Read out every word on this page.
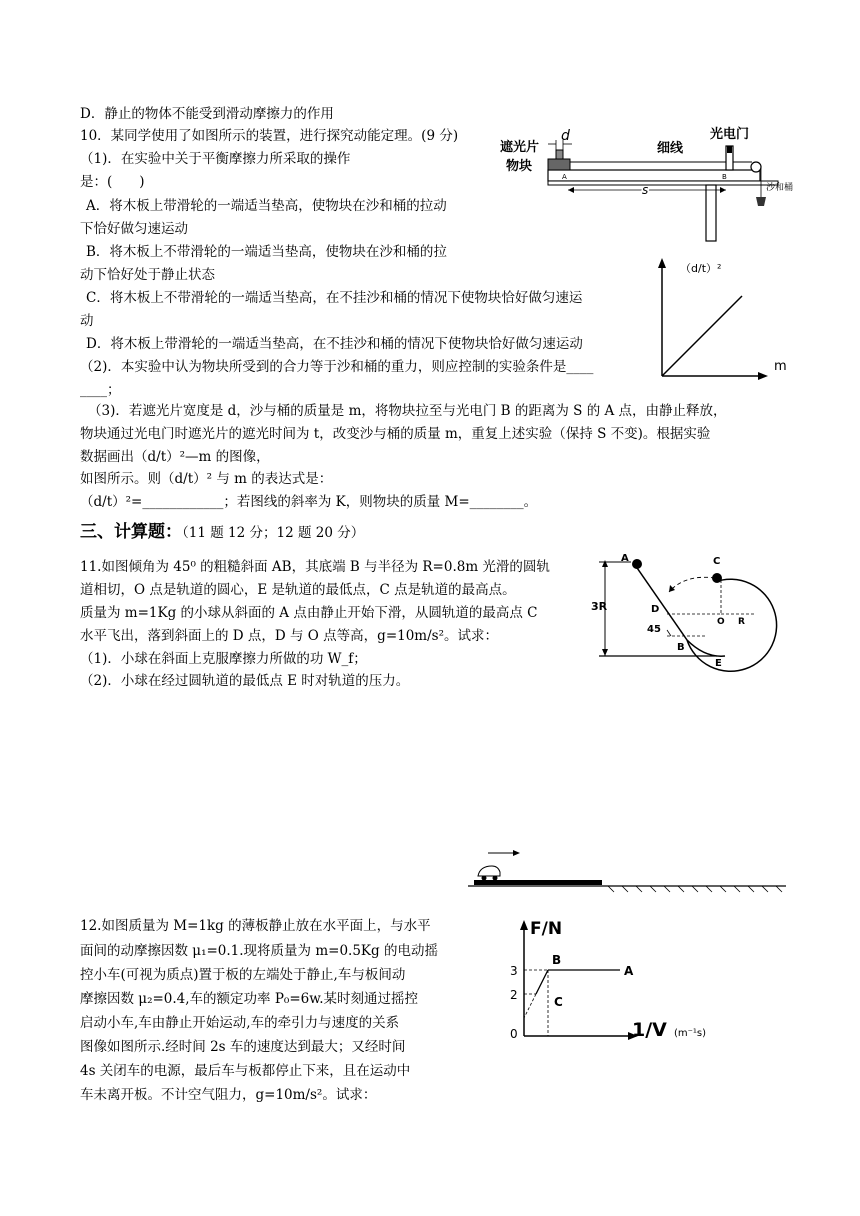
D．静止的物体不能受到滑动摩擦力的作用
10．某同学使用了如图所示的装置，进行探究动能定理。(9 分)
（1)．在实验中关于平衡摩擦力所采取的操作
是：(　　)
A．将木板上带滑轮的一端适当垫高，使物块在沙和桶的拉动
下恰好做匀速运动
B．将木板上不带滑轮的一端适当垫高，使物块在沙和桶的拉
动下恰好处于静止状态
C．将木板上不带滑轮的一端适当垫高，在不挂沙和桶的情况下使物块恰好做匀速运
动
D．将木板上带滑轮的一端适当垫高，在不挂沙和桶的情况下使物块恰好做匀速运动
（2)．本实验中认为物块所受到的合力等于沙和桶的重力，则应控制的实验条件是____
____；
（3)．若遮光片宽度是 d，沙与桶的质量是 m，将物块拉至与光电门 B 的距离为 S 的 A 点，由静止释放，
物块通过光电门时遮光片的遮光时间为 t，改变沙与桶的质量 m，重复上述实验（保持 S 不变)。根据实验
数据画出（d/t）²—m 的图像，
如图所示。则（d/t）² 与 m 的表达式是：
（d/t）²=____________；若图线的斜率为 K，则物块的质量 M=________。
三、计算题：（11 题 12 分；12 题 20 分）
11.如图倾角为 45⁰ 的粗糙斜面 AB，其底端 B 与半径为 R=0.8m 光滑的圆轨
道相切，O 点是轨道的圆心，E 是轨道的最低点，C 点是轨道的最高点。
质量为 m=1Kg 的小球从斜面的 A 点由静止开始下滑，从圆轨道的最高点 C
水平飞出，落到斜面上的 D 点，D 与 O 点等高，g=10m/s²。试求：
（1)．小球在斜面上克服摩擦力所做的功 W_f；
（2)．小球在经过圆轨道的最低点 E 时对轨道的压力。
12.如图质量为 M=1kg 的薄板静止放在水平面上，与水平
面间的动摩擦因数 μ₁=0.1.现将质量为 m=0.5Kg 的电动摇
控小车(可视为质点)置于板的左端处于静止,车与板间动
摩擦因数 μ₂=0.4,车的额定功率 P₀=6w.某时刻通过摇控
启动小车,车由静止开始运动,车的牵引力与速度的关系
图像如图所示.经时间 2s 车的速度达到最大；又经时间
4s 关闭车的电源，最后车与板都停止下来，且在运动中
车未离开板。不计空气阻力，g=10m/s²。试求：
d
遮光片
物块
细线
光电门
沙和桶
A	B
s
（d/t）²
m
3R
45
A	C
D
O R
B
E
F/N
3
2
0
B
A
C
1/V (m⁻¹s)
